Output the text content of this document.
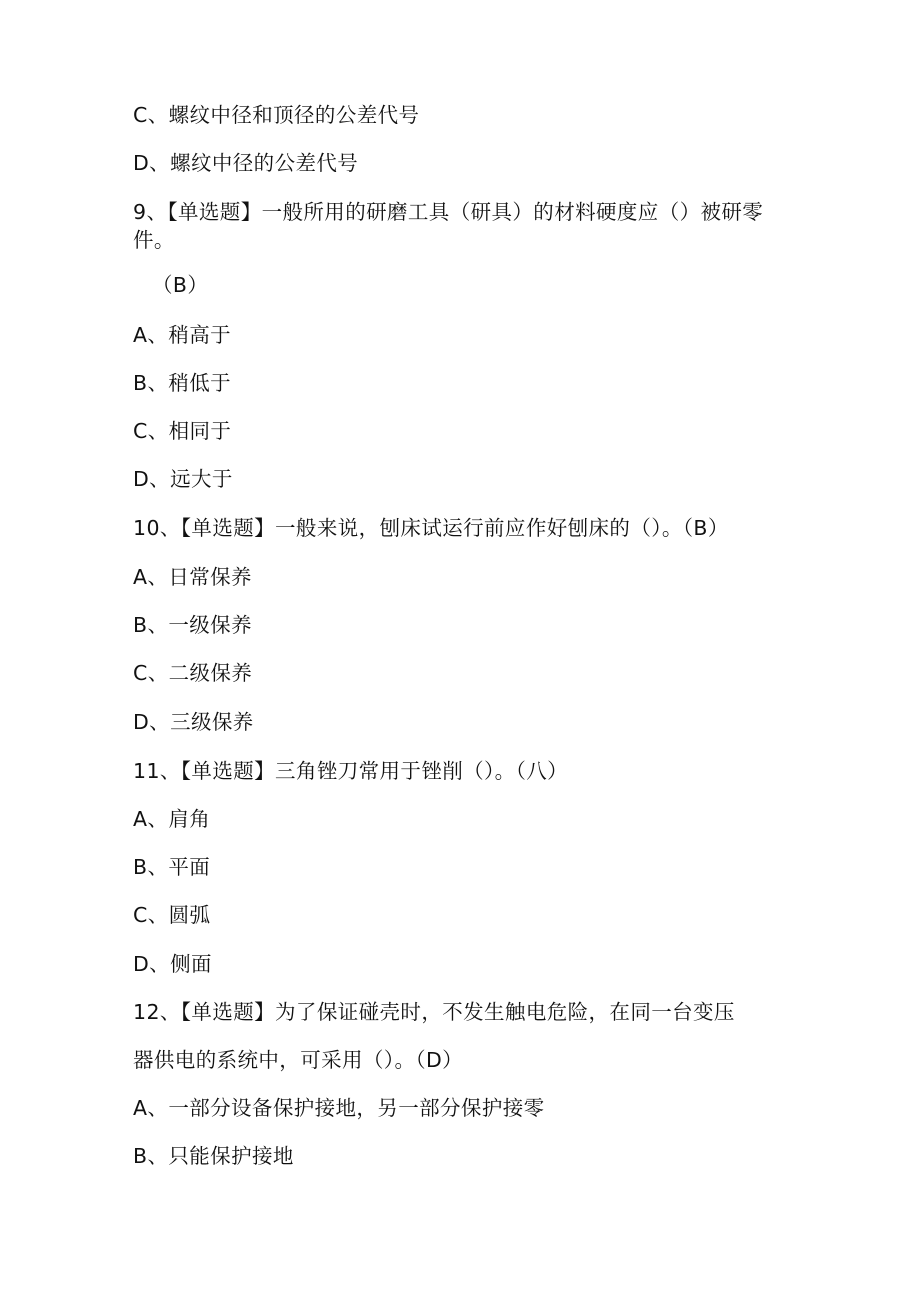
C、螺纹中径和顶径的公差代号
D、螺纹中径的公差代号
9、【单选题】一般所用的研磨工具（研具）的材料硬度应（）被研零
件。
（B）
A、稍高于
B、稍低于
C、相同于
D、远大于
10、【单选题】一般来说，刨床试运行前应作好刨床的（）。（B）
A、日常保养
B、一级保养
C、二级保养
D、三级保养
11、【单选题】三角锉刀常用于锉削（）。（八）
A、肩角
B、平面
C、圆弧
D、侧面
12、【单选题】为了保证碰壳时，不发生触电危险，在同一台变压
器供电的系统中，可采用（）。（D）
A、一部分设备保护接地，另一部分保护接零
B、只能保护接地
